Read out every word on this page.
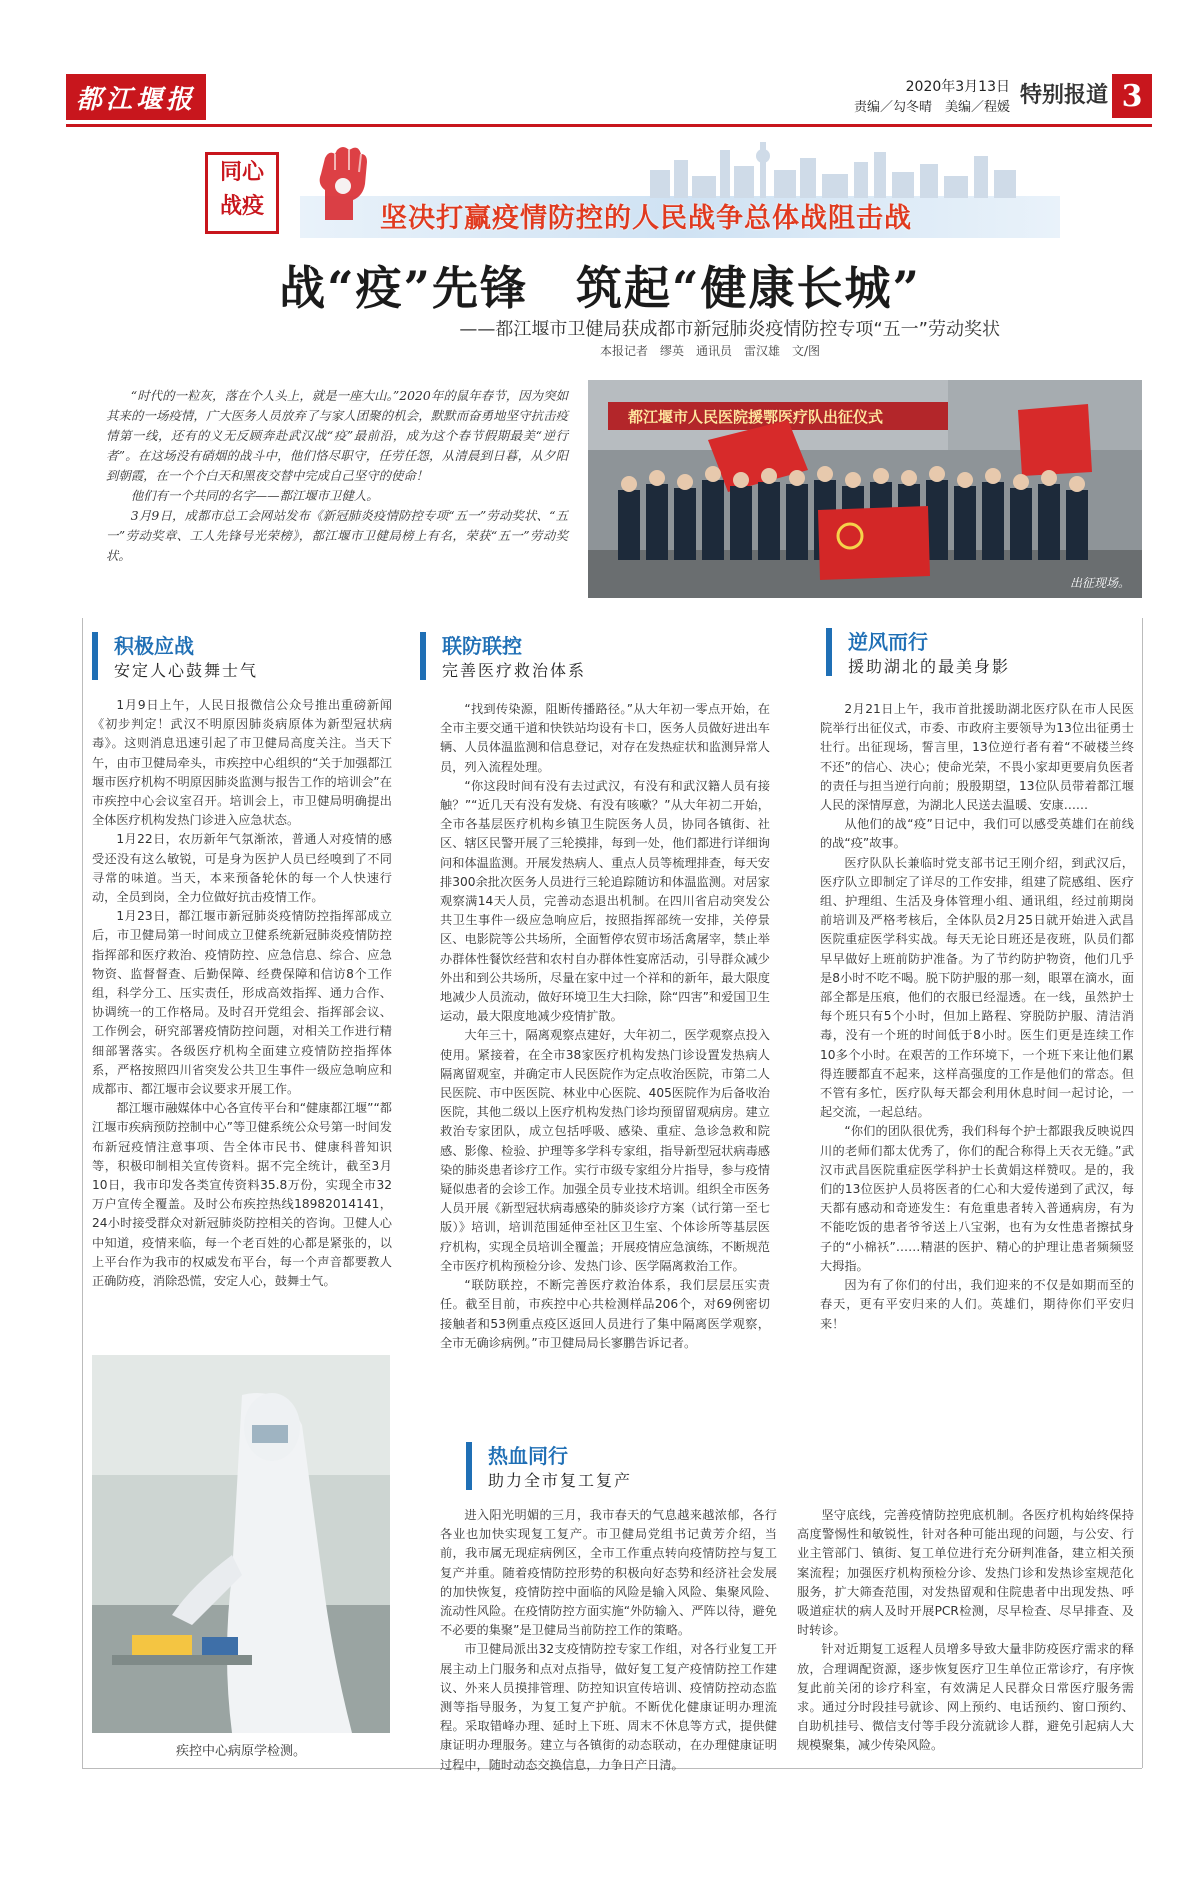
都江堰报	2020年3月13日
责编／勾冬晴　美编／程媛 特别报道 3
同心
战疫	坚决打赢疫情防控的人民战争总体战阻击战
战“疫”先锋　筑起“健康长城”
——都江堰市卫健局获成都市新冠肺炎疫情防控专项“五一”劳动奖状
本报记者　缪英　通讯员　雷汉雄　文/图

“时代的一粒灰，落在个人头上，就是一座大山。”2020年的鼠年春节，因为突如其来的一场疫情，广大医务人员放弃了与家人团聚的机会，默默而奋勇地坚守抗击疫情第一线，还有的义无反顾奔赴武汉战“疫”最前沿，成为这个春节假期最美“逆行者”。在这场没有硝烟的战斗中，他们恪尽职守，任劳任怨，从清晨到日暮，从夕阳到朝霞，在一个个白天和黑夜交替中完成自己坚守的使命！

他们有一个共同的名字——都江堰市卫健人。

3月9日，成都市总工会网站发布《新冠肺炎疫情防控专项“五一”劳动奖状、“五一”劳动奖章、工人先锋号光荣榜》，都江堰市卫健局榜上有名，荣获“五一”劳动奖状。

都江堰市人民医院援鄂医疗队出征仪式
出征现场。
积极应战
安定人心鼓舞士气

1月9日上午，人民日报微信公众号推出重磅新闻《初步判定！武汉不明原因肺炎病原体为新型冠状病毒》。这则消息迅速引起了市卫健局高度关注。当天下午，由市卫健局牵头，市疾控中心组织的“关于加强都江堰市医疗机构不明原因肺炎监测与报告工作的培训会”在市疾控中心会议室召开。培训会上，市卫健局明确提出全体医疗机构发热门诊进入应急状态。

1月22日，农历新年气氛渐浓，普通人对疫情的感受还没有这么敏锐，可是身为医护人员已经嗅到了不同寻常的味道。当天，本来预备轮休的每一个人快速行动，全员到岗，全力位做好抗击疫情工作。

1月23日，都江堰市新冠肺炎疫情防控指挥部成立后，市卫健局第一时间成立卫健系统新冠肺炎疫情防控指挥部和医疗救治、疫情防控、应急信息、综合、应急物资、监督督查、后勤保障、经费保障和信访8个工作组，科学分工、压实责任，形成高效指挥、通力合作、协调统一的工作格局。及时召开党组会、指挥部会议、工作例会，研究部署疫情防控问题，对相关工作进行精细部署落实。各级医疗机构全面建立疫情防控指挥体系，严格按照四川省突发公共卫生事件一级应急响应和成都市、都江堰市会议要求开展工作。

都江堰市融媒体中心各宣传平台和“健康都江堰”“都江堰市疾病预防控制中心”等卫健系统公众号第一时间发布新冠疫情注意事项、告全体市民书、健康科普知识等，积极印制相关宣传资料。据不完全统计，截至3月10日，我市印发各类宣传资料35.8万份，实现全市32万户宣传全覆盖。及时公布疾控热线18982014141，24小时接受群众对新冠肺炎防控相关的咨询。卫健人心中知道，疫情来临，每一个老百姓的心都是紧张的，以上平台作为我市的权威发布平台，每一个声音都要教人正确防疫，消除恐慌，安定人心，鼓舞士气。

疾控中心病原学检测。
联防联控
完善医疗救治体系

“找到传染源，阻断传播路径。”从大年初一零点开始，在全市主要交通干道和快铁站均设有卡口，医务人员做好进出车辆、人员体温监测和信息登记，对存在发热症状和监测异常人员，列入流程处理。

“你这段时间有没有去过武汉，有没有和武汉籍人员有接触？”“近几天有没有发烧、有没有咳嗽？”从大年初二开始，全市各基层医疗机构乡镇卫生院医务人员，协同各镇街、社区、辖区民警开展了三轮摸排，每到一处，他们都进行详细询问和体温监测。开展发热病人、重点人员等梳理排查，每天安排300余批次医务人员进行三轮追踪随访和体温监测。对居家观察满14天人员，完善动态退出机制。在四川省启动突发公共卫生事件一级应急响应后，按照指挥部统一安排，关停景区、电影院等公共场所，全面暂停农贸市场活禽屠宰，禁止举办群体性餐饮经营和农村自办群体性宴席活动，引导群众减少外出和到公共场所，尽量在家中过一个祥和的新年，最大限度地减少人员流动，做好环境卫生大扫除，除“四害”和爱国卫生运动，最大限度地减少疫情扩散。

大年三十，隔离观察点建好，大年初二，医学观察点投入使用。紧接着，在全市38家医疗机构发热门诊设置发热病人隔离留观室，并确定市人民医院作为定点收治医院，市第二人民医院、市中医医院、林业中心医院、405医院作为后备收治医院，其他二级以上医疗机构发热门诊均预留留观病房。建立救治专家团队，成立包括呼吸、感染、重症、急诊急救和院感、影像、检验、护理等多学科专家组，指导新型冠状病毒感染的肺炎患者诊疗工作。实行市级专家组分片指导，参与疫情疑似患者的会诊工作。加强全员专业技术培训。组织全市医务人员开展《新型冠状病毒感染的肺炎诊疗方案（试行第一至七版）》培训，培训范围延伸至社区卫生室、个体诊所等基层医疗机构，实现全员培训全覆盖；开展疫情应急演练，不断规范全市医疗机构预检分诊、发热门诊、医学隔离救治工作。

“联防联控，不断完善医疗救治体系，我们层层压实责任。截至目前，市疾控中心共检测样品206个，对69例密切接触者和53例重点疫区返回人员进行了集中隔离医学观察，全市无确诊病例。”市卫健局局长寥鹏告诉记者。

逆风而行
援助湖北的最美身影

2月21日上午，我市首批援助湖北医疗队在市人民医院举行出征仪式，市委、市政府主要领导为13位出征勇士壮行。出征现场，誓言里，13位逆行者有着“不破楼兰终不还”的信心、决心；使命光荣，不畏小家却更要肩负医者的责任与担当逆行向前；殷殷期望，13位队员带着都江堰人民的深情厚意，为湖北人民送去温暖、安康……

从他们的战“疫”日记中，我们可以感受英雄们在前线的战“疫”故事。

医疗队队长兼临时党支部书记王刚介绍，到武汉后，医疗队立即制定了详尽的工作安排，组建了院感组、医疗组、护理组、生活及身体管理小组、通讯组，经过前期岗前培训及严格考核后，全体队员2月25日就开始进入武昌医院重症医学科实战。每天无论日班还是夜班，队员们都早早做好上班前防护准备。为了节约防护物资，他们几乎是8小时不吃不喝。脱下防护服的那一刻，眼罩在滴水，面部全都是压痕，他们的衣服已经湿透。在一线，虽然护士每个班只有5个小时，但加上路程、穿脱防护服、清洁消毒，没有一个班的时间低于8小时。医生们更是连续工作10多个小时。在艰苦的工作环境下，一个班下来让他们累得连腰都直不起来，这样高强度的工作是他们的常态。但不管有多忙，医疗队每天都会利用休息时间一起讨论，一起交流，一起总结。

“你们的团队很优秀，我们科每个护士都跟我反映说四川的老师们都太优秀了，你们的配合称得上天衣无缝。”武汉市武昌医院重症医学科护士长黄娟这样赞叹。是的，我们的13位医护人员将医者的仁心和大爱传递到了武汉，每天都有感动和奇迹发生：有危重患者转入普通病房，有为不能吃饭的患者爷爷送上八宝粥，也有为女性患者擦拭身子的“小棉袄”……精湛的医护、精心的护理让患者频频竖大拇指。

因为有了你们的付出，我们迎来的不仅是如期而至的春天，更有平安归来的人们。英雄们，期待你们平安归来！

热血同行
助力全市复工复产

进入阳光明媚的三月，我市春天的气息越来越浓郁，各行各业也加快实现复工复产。市卫健局党组书记黄芳介绍，当前，我市属无现症病例区，全市工作重点转向疫情防控与复工复产并重。随着疫情防控形势的积极向好态势和经济社会发展的加快恢复，疫情防控中面临的风险是输入风险、集聚风险、流动性风险。在疫情防控方面实施“外防输入、严阵以待，避免不必要的集聚”是卫健局当前防控工作的策略。

市卫健局派出32支疫情防控专家工作组，对各行业复工开展主动上门服务和点对点指导，做好复工复产疫情防控工作建议、外来人员摸排管理、防控知识宣传培训、疫情防控动态监测等指导服务，为复工复产护航。不断优化健康证明办理流程。采取错峰办理、延时上下班、周末不休息等方式，提供健康证明办理服务。建立与各镇街的动态联动，在办理健康证明过程中，随时动态交换信息，力争日产日清。

坚守底线，完善疫情防控兜底机制。各医疗机构始终保持高度警惕性和敏锐性，针对各种可能出现的问题，与公安、行业主管部门、镇街、复工单位进行充分研判准备，建立相关预案流程；加强医疗机构预检分诊、发热门诊和发热诊室规范化服务，扩大筛查范围，对发热留观和住院患者中出现发热、呼吸道症状的病人及时开展PCR检测，尽早检查、尽早排查、及时转诊。

针对近期复工返程人员增多导致大量非防疫医疗需求的释放，合理调配资源，逐步恢复医疗卫生单位正常诊疗，有序恢复此前关闭的诊疗科室，有效满足人民群众日常医疗服务需求。通过分时段挂号就诊、网上预约、电话预约、窗口预约、自助机挂号、微信支付等手段分流就诊人群，避免引起病人大规模聚集，减少传染风险。
